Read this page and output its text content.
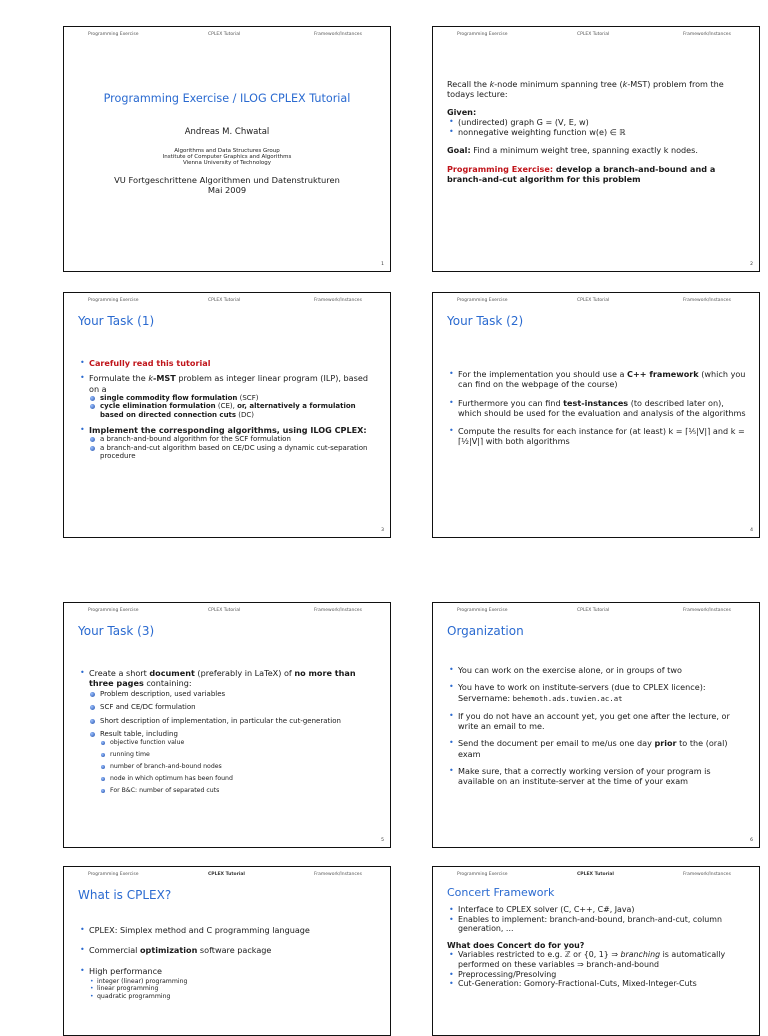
Programming Exercise	CPLEX Tutorial	Framework/Instances
Programming Exercise / ILOG CPLEX Tutorial
Andreas M. Chwatal
Algorithms and Data Structures Group
Institute of Computer Graphics and Algorithms
Vienna University of Technology
VU Fortgeschrittene Algorithmen und Datenstrukturen
Mai 2009
1
Programming Exercise	CPLEX Tutorial	Framework/Instances

Recall the k-node minimum spanning tree (k-MST) problem from the todays lecture:

Given:

• (undirected) graph G = (V, E, w)
• nonnegative weighting function w(e) ∈ ℝ

Goal: Find a minimum weight tree, spanning exactly k nodes.

Programming Exercise: develop a branch-and-bound and a branch-and-cut algorithm for this problem

2
Programming Exercise	CPLEX Tutorial	Framework/Instances
Your Task (1)
• Carefully read this tutorial
• Formulate the k-MST problem as integer linear program (ILP), based on a
single commodity flow formulation (SCF)
cycle elimination formulation (CE), or, alternatively a formulation based on directed connection cuts (DC)
• Implement the corresponding algorithms, using ILOG CPLEX:
a branch-and-bound algorithm for the SCF formulation
a branch-and-cut algorithm based on CE/DC using a dynamic cut-separation procedure
3
Programming Exercise	CPLEX Tutorial	Framework/Instances
Your Task (2)
• For the implementation you should use a C++ framework (which you can find on the webpage of the course)
• Furthermore you can find test-instances (to described later on), which should be used for the evaluation and analysis of the algorithms
• Compute the results for each instance for (at least) k = ⌈⅕|V|⌉ and k = ⌈½|V|⌉ with both algorithms
4
Programming Exercise	CPLEX Tutorial	Framework/Instances
Your Task (3)
• Create a short document (preferably in LaTeX) of no more than three pages containing:
Problem description, used variables
SCF and CE/DC formulation
Short description of implementation, in particular the cut-generation
Result table, including
objective function value
running time
number of branch-and-bound nodes
node in which optimum has been found
For B&C: number of separated cuts
5
Programming Exercise	CPLEX Tutorial	Framework/Instances
Organization
• You can work on the exercise alone, or in groups of two
• You have to work on institute-servers (due to CPLEX licence):
Servername: behemoth.ads.tuwien.ac.at
• If you do not have an account yet, you get one after the lecture, or write an email to me.
• Send the document per email to me/us one day prior to the (oral) exam
• Make sure, that a correctly working version of your program is available on an institute-server at the time of your exam
6
Programming Exercise	CPLEX Tutorial	Framework/Instances
What is CPLEX?
• CPLEX: Simplex method and C programming language
• Commercial optimization software package
• High performance
• integer (linear) programming
• linear programming
• quadratic programming
Programming Exercise	CPLEX Tutorial	Framework/Instances
Concert Framework
• Interface to CPLEX solver (C, C++, C#, Java)
• Enables to implement: branch-and-bound, branch-and-cut, column generation, ...

What does Concert do for you?

• Variables restricted to e.g. ℤ or {0, 1} ⇒ branching is automatically performed on these variables ⇒ branch-and-bound
• Preprocessing/Presolving
• Cut-Generation: Gomory-Fractional-Cuts, Mixed-Integer-Cuts
